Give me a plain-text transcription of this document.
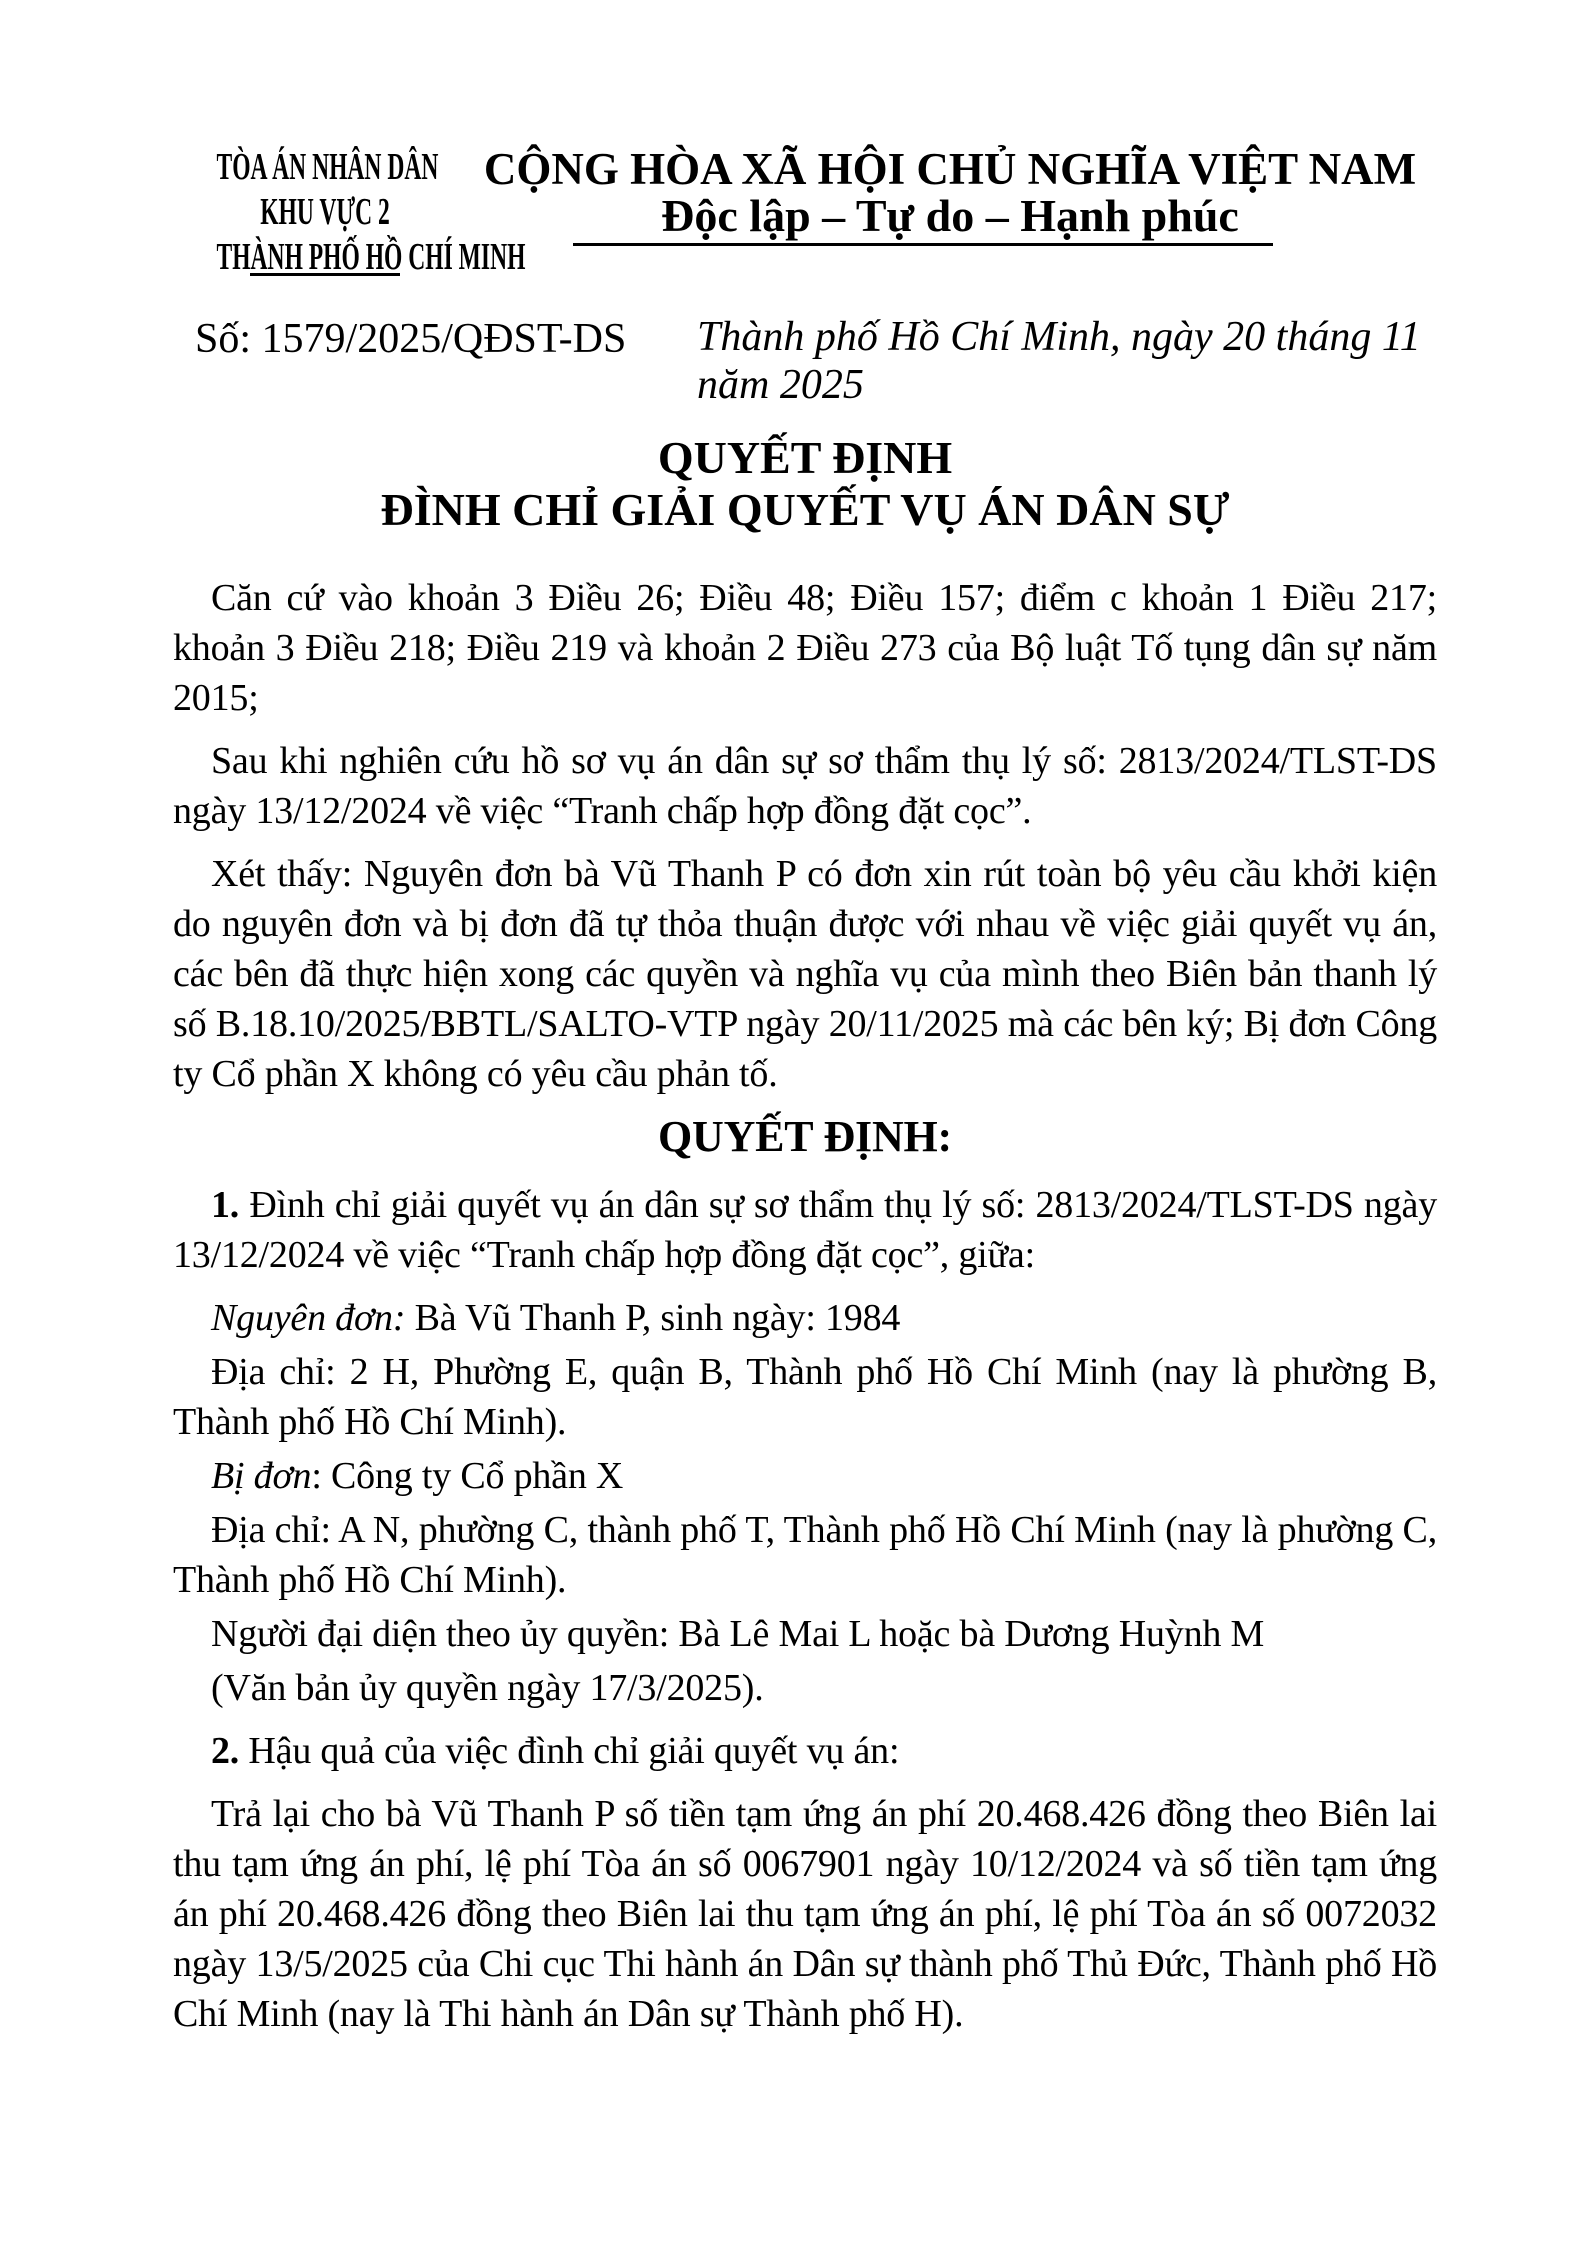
TÒA ÁN NHÂN DÂN
KHU VỰC 2
THÀNH PHỐ HỒ CHÍ MINH
CỘNG HÒA XÃ HỘI CHỦ NGHĨA VIỆT NAM
Độc lập – Tự do – Hạnh phúc
Số: 1579/2025/QĐST-DS Thành phố Hồ Chí Minh, ngày 20 tháng 11 năm 2025
QUYẾT ĐỊNH
ĐÌNH CHỈ GIẢI QUYẾT VỤ ÁN DÂN SỰ

Căn cứ vào khoản 3 Điều 26; Điều 48; Điều 157; điểm c khoản 1 Điều 217; khoản 3 Điều 218; Điều 219 và khoản 2 Điều 273 của Bộ luật Tố tụng dân sự năm 2015;

Sau khi nghiên cứu hồ sơ vụ án dân sự sơ thẩm thụ lý số: 2813/2024/TLST-DS ngày 13/12/2024 về việc “Tranh chấp hợp đồng đặt cọc”.

Xét thấy: Nguyên đơn bà Vũ Thanh P có đơn xin rút toàn bộ yêu cầu khởi kiện do nguyên đơn và bị đơn đã tự thỏa thuận được với nhau về việc giải quyết vụ án, các bên đã thực hiện xong các quyền và nghĩa vụ của mình theo Biên bản thanh lý số B.18.10/2025/BBTL/SALTO-VTP ngày 20/11/2025 mà các bên ký; Bị đơn Công ty Cổ phần X không có yêu cầu phản tố.

QUYẾT ĐỊNH:

1. Đình chỉ giải quyết vụ án dân sự sơ thẩm thụ lý số: 2813/2024/TLST-DS ngày 13/12/2024 về việc “Tranh chấp hợp đồng đặt cọc”, giữa:

Nguyên đơn: Bà Vũ Thanh P, sinh ngày: 1984

Địa chỉ: 2 H, Phường E, quận B, Thành phố Hồ Chí Minh (nay là phường B, Thành phố Hồ Chí Minh).

Bị đơn: Công ty Cổ phần X

Địa chỉ: A N, phường C, thành phố T, Thành phố Hồ Chí Minh (nay là phường C, Thành phố Hồ Chí Minh).

Người đại diện theo ủy quyền: Bà Lê Mai L hoặc bà Dương Huỳnh M

(Văn bản ủy quyền ngày 17/3/2025).

2. Hậu quả của việc đình chỉ giải quyết vụ án:

Trả lại cho bà Vũ Thanh P số tiền tạm ứng án phí 20.468.426 đồng theo Biên lai thu tạm ứng án phí, lệ phí Tòa án số 0067901 ngày 10/12/2024 và số tiền tạm ứng án phí 20.468.426 đồng theo Biên lai thu tạm ứng án phí, lệ phí Tòa án số 0072032 ngày 13/5/2025 của Chi cục Thi hành án Dân sự thành phố Thủ Đức, Thành phố Hồ Chí Minh (nay là Thi hành án Dân sự Thành phố H).
